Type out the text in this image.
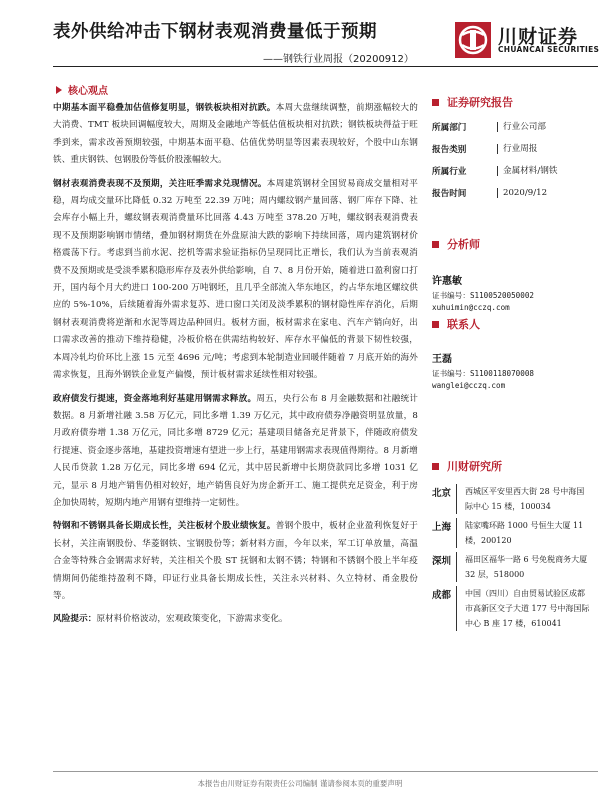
表外供给冲击下钢材表观消费量低于预期
——钢铁行业周报（20200912）
川财证券
CHUANCAI SECURITIES
核心观点
中期基本面平稳叠加估值修复明显，钢铁板块相对抗跌。本周大盘继续调整，前期涨幅较大的大消费、TMT 板块回调幅度较大，周期及金融地产等低估值板块相对抗跌；钢铁板块得益于旺季到来，需求改善预期较强，中期基本面平稳、估值优势明显等因素表现较好，个股中山东钢铁、重庆钢铁、包钢股份等低价股涨幅较大。
钢材表观消费表现不及预期，关注旺季需求兑现情况。本周建筑钢材全国贸易商成交量相对平稳，周均成交量环比降低 0.32 万吨至 22.39 万吨；周内螺纹钢产量回落、钢厂库存下降、社会库存小幅上升，螺纹钢表观消费量环比回落 4.43 万吨至 378.20 万吨，螺纹钢表观消费表现不及预期影响钢市情绪，叠加钢材期货在外盘原油大跌的影响下持续回落，周内建筑钢材价格震荡下行。考虑到当前水泥、挖机等需求验证指标仍呈现同比正增长，我们认为当前表观消费不及预期或是受淡季累积隐形库存及表外供给影响，自 7、8 月份开始，随着进口盈利窗口打开，国内每个月大约进口 100-200 万吨钢坯，且几乎全部流入华东地区，约占华东地区螺纹供应的 5%-10%，后续随着海外需求复苏、进口窗口关闭及淡季累积的钢材隐性库存消化，后期钢材表观消费将逆渐和水泥等周边品种回归。板材方面，板材需求在家电、汽车产销向好，出口需求改善的推动下维持稳健，冷板价格在供需结构较好、库存水平偏低的背景下韧性较强，本周冷轧均价环比上涨 15 元至 4696 元/吨；考虑到本轮制造业回暖伴随着 7 月底开始的海外需求恢复，且海外钢铁企业复产偏慢，预计板材需求延续性相对较强。
政府债发行提速，资金落地利好基建用钢需求释放。周五，央行公布 8 月金融数据和社融统计数据。8 月新增社融 3.58 万亿元，同比多增 1.39 万亿元，其中政府债券净融资明显放量，8 月政府债券增 1.38 万亿元，同比多增 8729 亿元；基建项目储备充足背景下，伴随政府债发行提速、资金逐步落地，基建投资增速有望进一步上行，基建用钢需求表现值得期待。8 月新增人民币贷款 1.28 万亿元，同比多增 694 亿元，其中居民新增中长期贷款同比多增 1031 亿元，显示 8 月地产销售仍相对较好，地产销售良好为房企新开工、施工提供充足资金，利于房企加快周转，短期内地产用钢有望维持一定韧性。
特钢和不锈钢具备长期成长性，关注板材个股业绩恢复。普钢个股中，板材企业盈利恢复好于长材，关注南钢股份、华菱钢铁、宝钢股份等；新材料方面，今年以来，军工订单放量，高温合金等特殊合金钢需求好转，关注相关个股 ST 抚钢和太钢不锈；特钢和不锈钢个股上半年疫情期间仍能维持盈利不降，印证行业具备长期成长性，关注永兴材料、久立特材、甬金股份等。
风险提示：原材料价格波动，宏观政策变化，下游需求变化。
证券研究报告
所属部门	行业公司部
报告类别	行业周报
所属行业	金属材料/钢铁
报告时间	2020/9/12
分析师
许惠敏
证书编号：S1100520050002
xuhuimin@cczq.com
联系人
王磊
证书编号：S1100118070008
wanglei@cczq.com
川财研究所
北京	西城区平安里西大街 28 号中海国际中心 15 楼，100034
上海	陆家嘴环路 1000 号恒生大厦 11 楼，200120
深圳	福田区福华一路 6 号免税商务大厦 32 层，518000
成都	中国（四川）自由贸易试验区成都市高新区交子大道 177 号中海国际中心 B 座 17 楼，610041
本报告由川财证券有限责任公司编制 谨请参阅本页的重要声明
